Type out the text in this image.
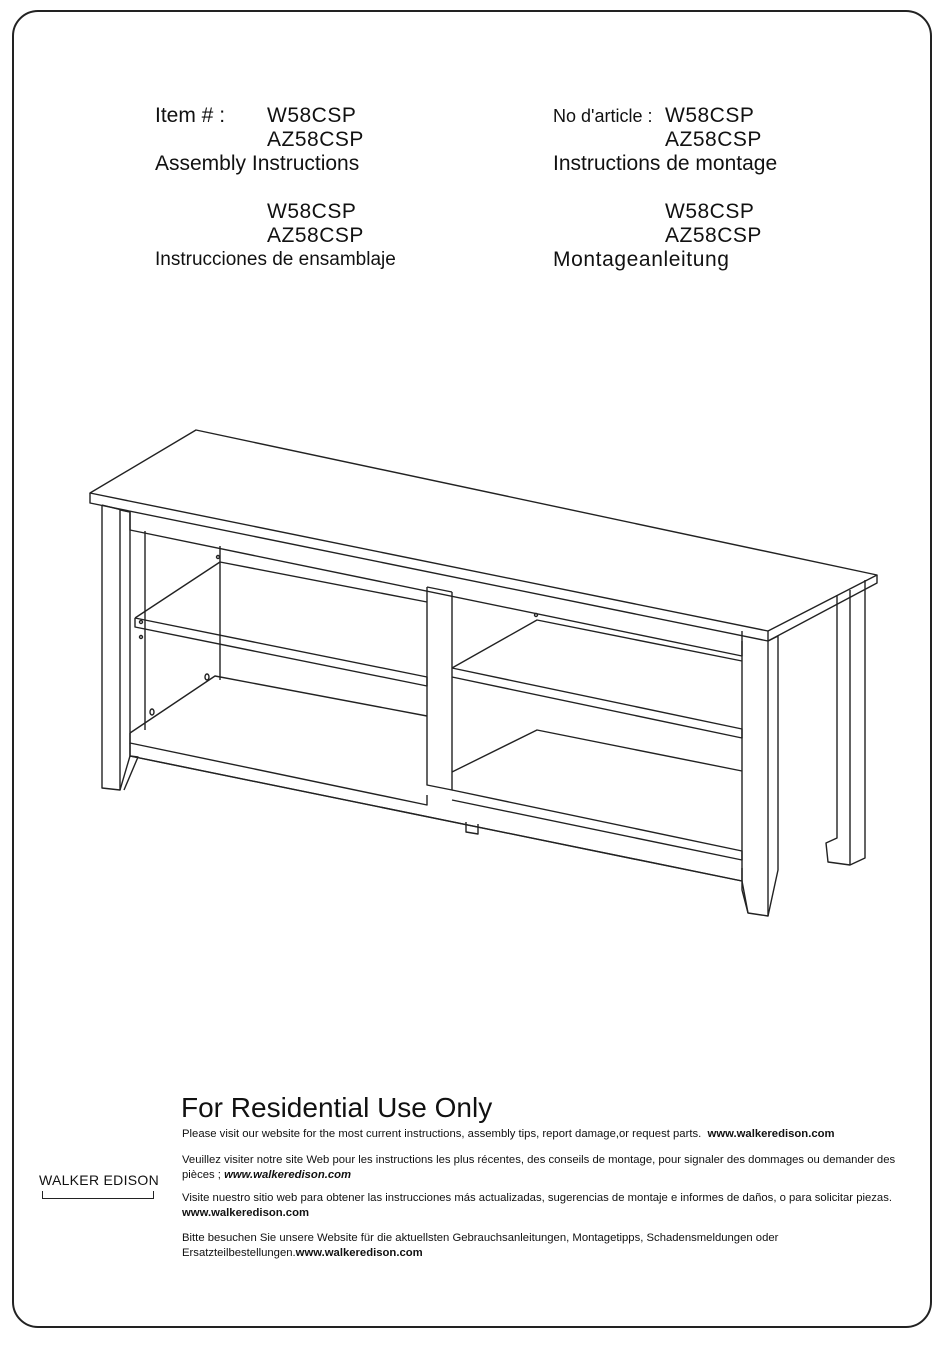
Item # : W58CSP
AZ58CSP
Assembly Instructions
No d'article : W58CSP
AZ58CSP
Instructions de montage
W58CSP
AZ58CSP
Instrucciones de ensamblaje
W58CSP
AZ58CSP
Montageanleitung
For Residential Use Only
Please visit our website for the most current instructions, assembly tips, report damage,or request parts. www.walkeredison.com
Veuillez visiter notre site Web pour les instructions les plus récentes, des conseils de montage, pour signaler des dommages ou demander des pièces ; www.walkeredison.com
Visite nuestro sitio web para obtener las instrucciones más actualizadas, sugerencias de montaje e informes de daños, o para solicitar piezas. www.walkeredison.com
Bitte besuchen Sie unsere Website für die aktuellsten Gebrauchsanleitungen, Montagetipps, Schadensmeldungen oder Ersatzteilbestellungen.www.walkeredison.com
WALKER EDISON
